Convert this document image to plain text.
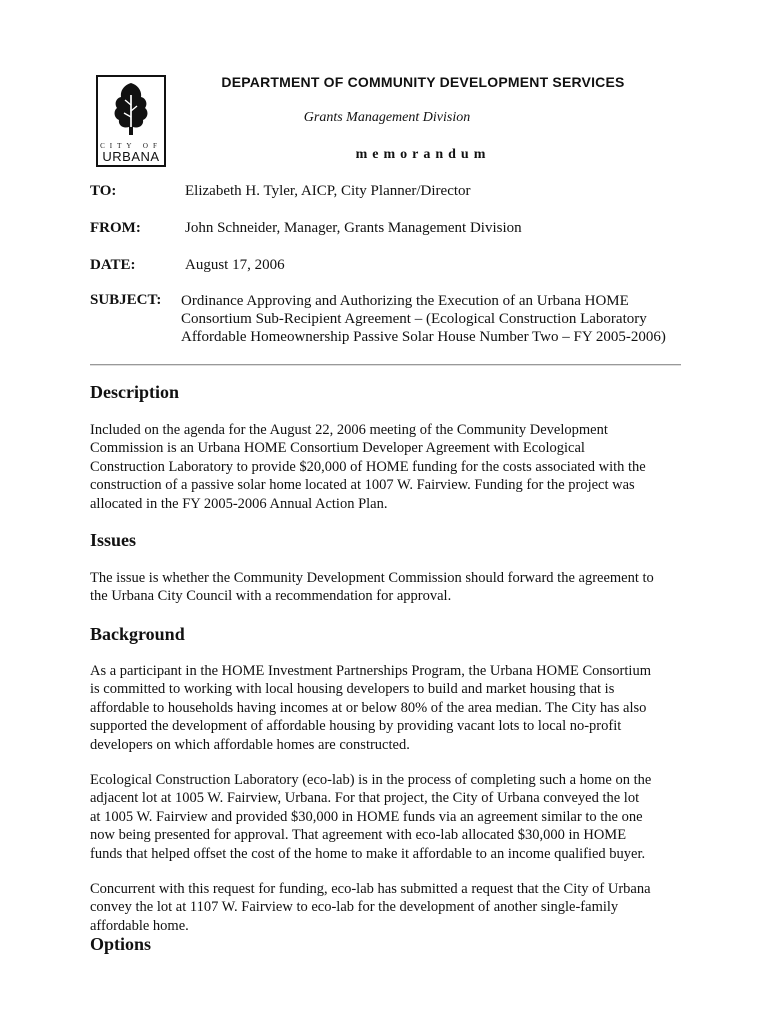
CITY OF
URBANA
DEPARTMENT OF COMMUNITY DEVELOPMENT SERVICES
Grants Management Division
memorandum
TO:	Elizabeth H. Tyler, AICP, City Planner/Director
FROM:	John Schneider, Manager, Grants Management Division
DATE:	August 17, 2006
SUBJECT: Ordinance Approving and Authorizing the Execution of an Urbana HOME
Consortium Sub-Recipient Agreement – (Ecological Construction Laboratory
Affordable Homeownership Passive Solar House Number Two – FY 2005-2006)
Description
Included on the agenda for the August 22, 2006 meeting of the Community Development
Commission is an Urbana HOME Consortium Developer Agreement with Ecological
Construction Laboratory to provide $20,000 of HOME funding for the costs associated with the
construction of a passive solar home located at 1007 W. Fairview. Funding for the project was
allocated in the FY 2005-2006 Annual Action Plan.
Issues
The issue is whether the Community Development Commission should forward the agreement to
the Urbana City Council with a recommendation for approval.
Background
As a participant in the HOME Investment Partnerships Program, the Urbana HOME Consortium
is committed to working with local housing developers to build and market housing that is
affordable to households having incomes at or below 80% of the area median. The City has also
supported the development of affordable housing by providing vacant lots to local no-profit
developers on which affordable homes are constructed.
Ecological Construction Laboratory (eco-lab) is in the process of completing such a home on the
adjacent lot at 1005 W. Fairview, Urbana. For that project, the City of Urbana conveyed the lot
at 1005 W. Fairview and provided $30,000 in HOME funds via an agreement similar to the one
now being presented for approval. That agreement with eco-lab allocated $30,000 in HOME
funds that helped offset the cost of the home to make it affordable to an income qualified buyer.
Concurrent with this request for funding, eco-lab has submitted a request that the City of Urbana
convey the lot at 1107 W. Fairview to eco-lab for the development of another single-family
affordable home.
Options
